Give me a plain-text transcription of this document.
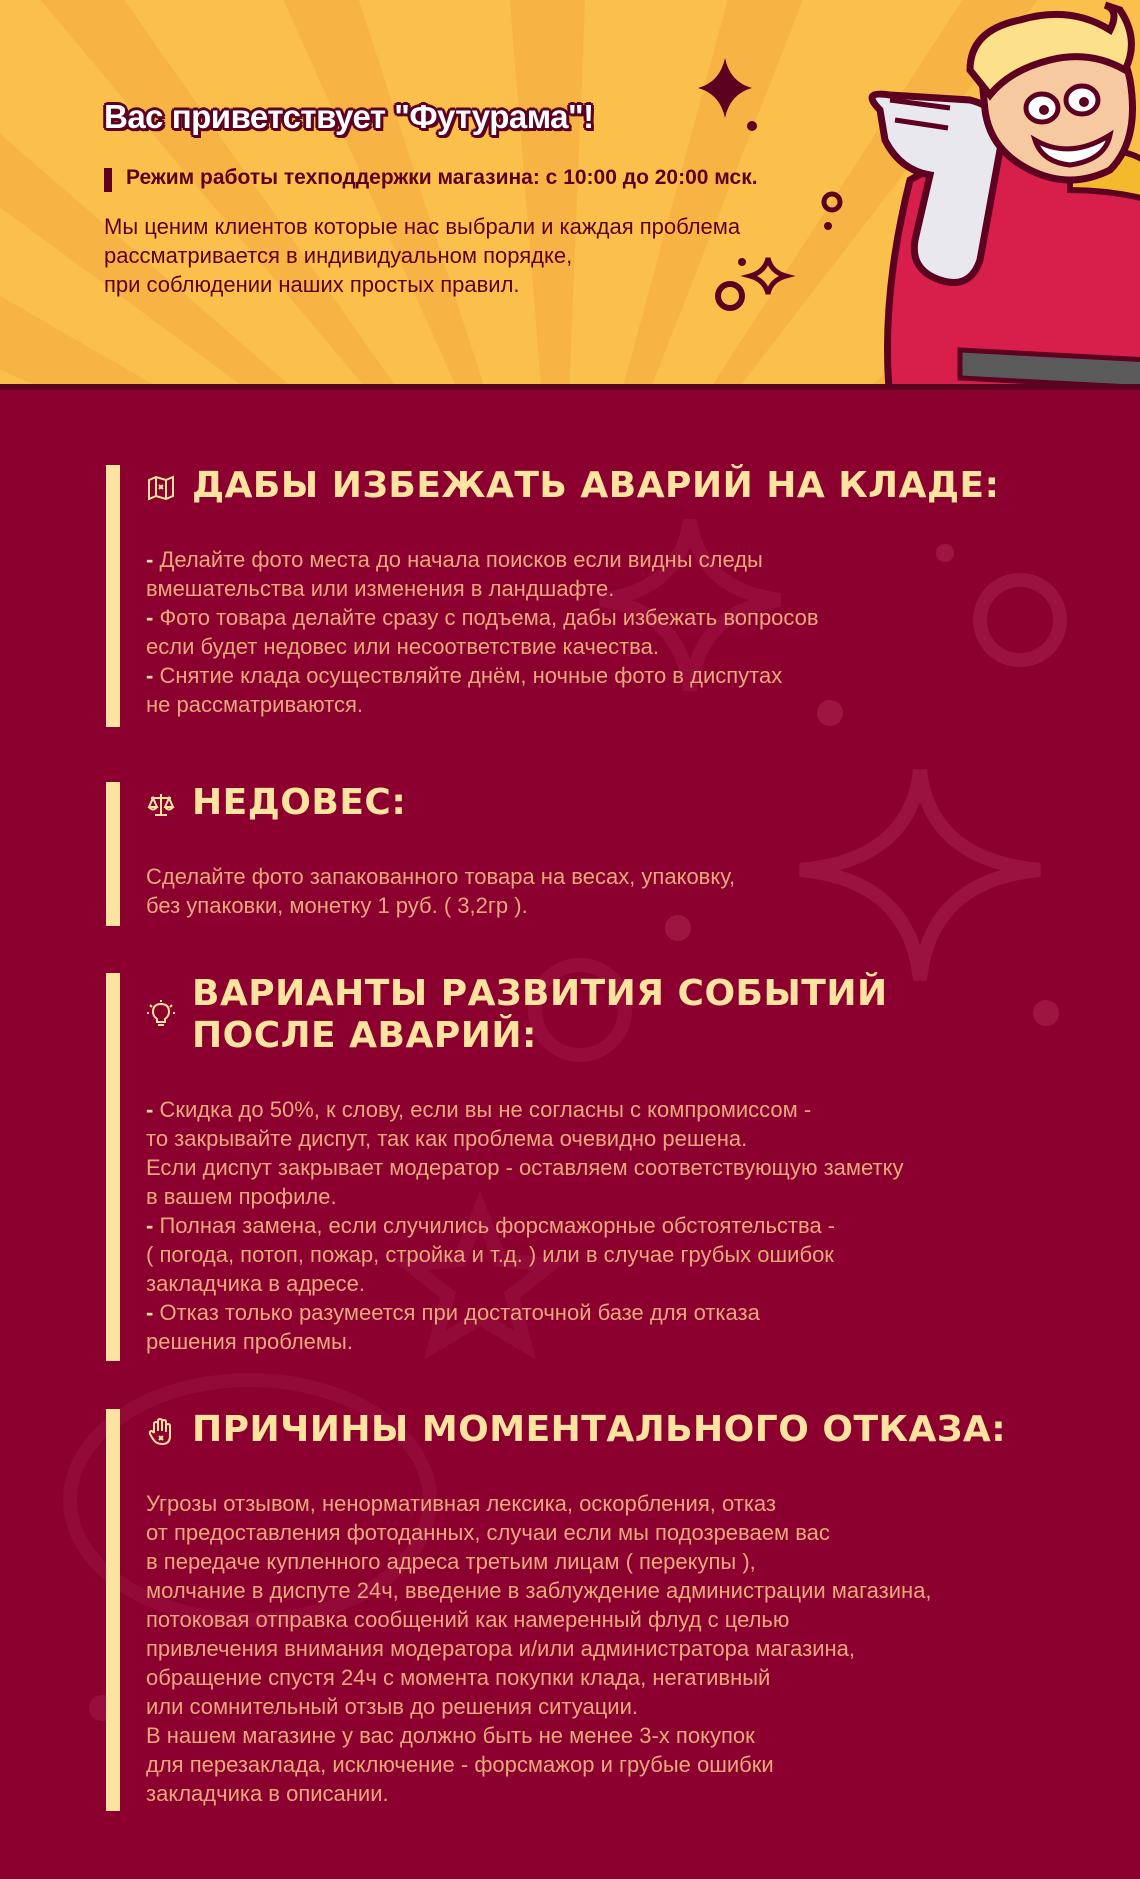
Вас приветствует "Футурама"!
Режим работы техподдержки магазина: с 10:00 до 20:00 мск.
Мы ценим клиентов которые нас выбрали и каждая проблема
рассматривается в индивидуальном порядке,
при соблюдении наших простых правил.
ДАБЫ ИЗБЕЖАТЬ АВАРИЙ НА КЛАДЕ:
- Делайте фото места до начала поисков если видны следы
вмешательства или изменения в ландшафте.
- Фото товара делайте сразу с подъема, дабы избежать вопросов
если будет недовес или несоответствие качества.
- Снятие клада осуществляйте днём, ночные фото в диспутах
не рассматриваются.
НЕДОВЕС:
Сделайте фото запакованного товара на весах, упаковку,
без упаковки, монетку 1 руб. ( 3,2гр ).
ВАРИАНТЫ РАЗВИТИЯ СОБЫТИЙ
ПОСЛЕ АВАРИЙ:
- Скидка до 50%, к слову, если вы не согласны с компромиссом -
то закрывайте диспут, так как проблема очевидно решена.
Если диспут закрывает модератор - оставляем соответствующую заметку
в вашем профиле.
- Полная замена, если случились форсмажорные обстоятельства -
( погода, потоп, пожар, стройка и т.д. ) или в случае грубых ошибок
закладчика в адресе.
- Отказ только разумеется при достаточной базе для отказа
решения проблемы.
ПРИЧИНЫ МОМЕНТАЛЬНОГО ОТКАЗА:
Угрозы отзывом, ненормативная лексика, оскорбления, отказ
от предоставления фотоданных, случаи если мы подозреваем вас
в передаче купленного адреса третьим лицам ( перекупы ),
молчание в диспуте 24ч, введение в заблуждение администрации магазина,
потоковая отправка сообщений как намеренный флуд с целью
привлечения внимания модератора и/или администратора магазина,
обращение спустя 24ч с момента покупки клада, негативный
или сомнительный отзыв до решения ситуации.
В нашем магазине у вас должно быть не менее 3-х покупок
для перезаклада, исключение - форсмажор и грубые ошибки
закладчика в описании.
